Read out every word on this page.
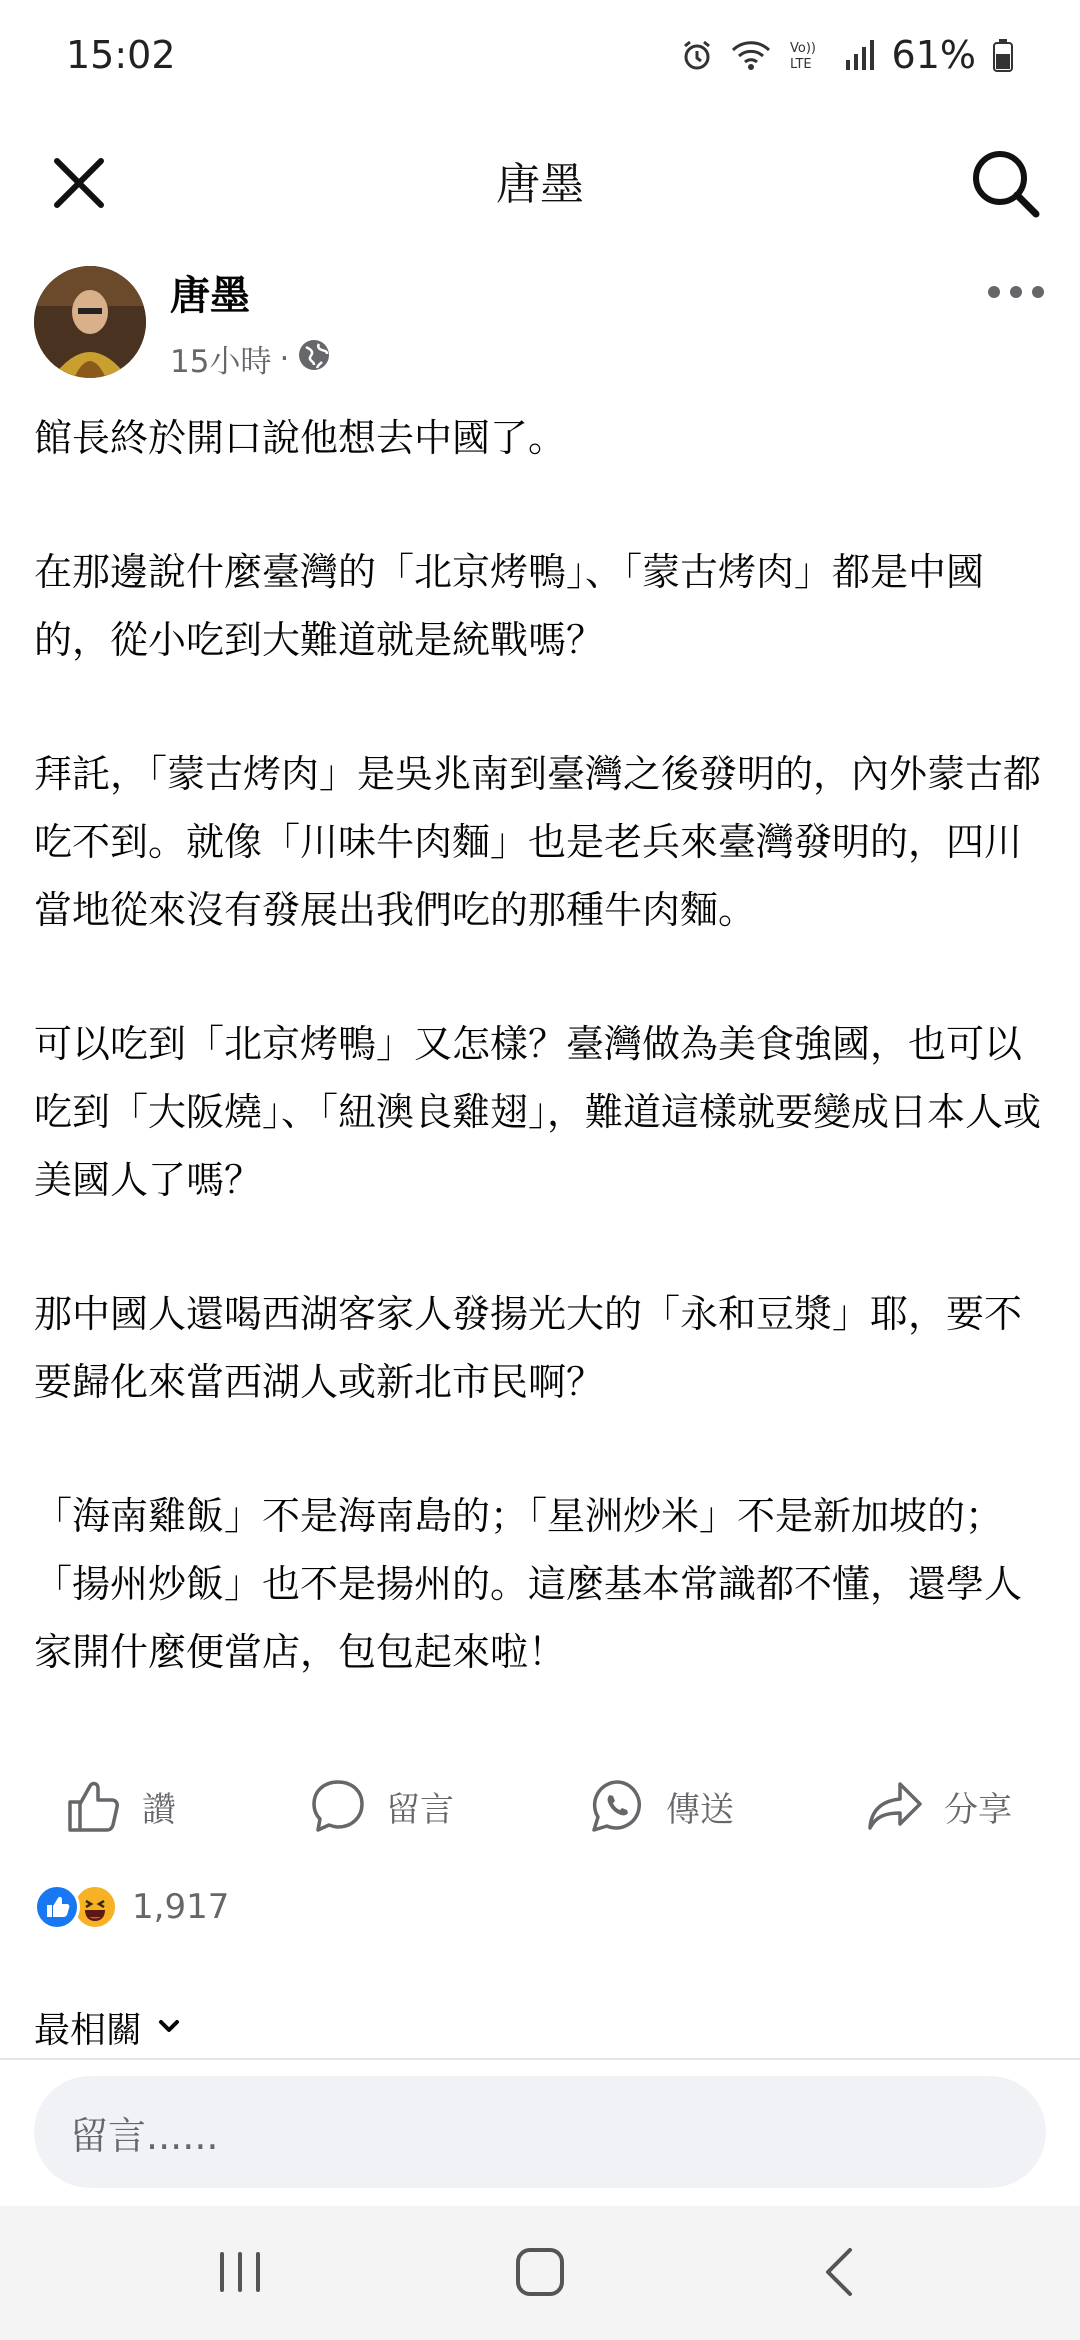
15:02	Vo))
LTE 61%
唐墨
唐墨
15小時 ·

館長終於開口說他想去中國了。

在那邊說什麼臺灣的「北京烤鴨」、「蒙古烤肉」都是中國的，從小吃到大難道就是統戰嗎？

拜託，「蒙古烤肉」是吳兆南到臺灣之後發明的，內外蒙古都吃不到。就像「川味牛肉麵」也是老兵來臺灣發明的，四川當地從來沒有發展出我們吃的那種牛肉麵。

可以吃到「北京烤鴨」又怎樣？臺灣做為美食強國，也可以吃到「大阪燒」、「紐澳良雞翅」，難道這樣就要變成日本人或美國人了嗎？

那中國人還喝西湖客家人發揚光大的「永和豆漿」耶，要不要歸化來當西湖人或新北市民啊？

「海南雞飯」不是海南島的；「星洲炒米」不是新加坡的；「揚州炒飯」也不是揚州的。這麼基本常識都不懂，還學人家開什麼便當店，包包起來啦！

讚	留言	傳送	分享
1,917
最相關
留言......
